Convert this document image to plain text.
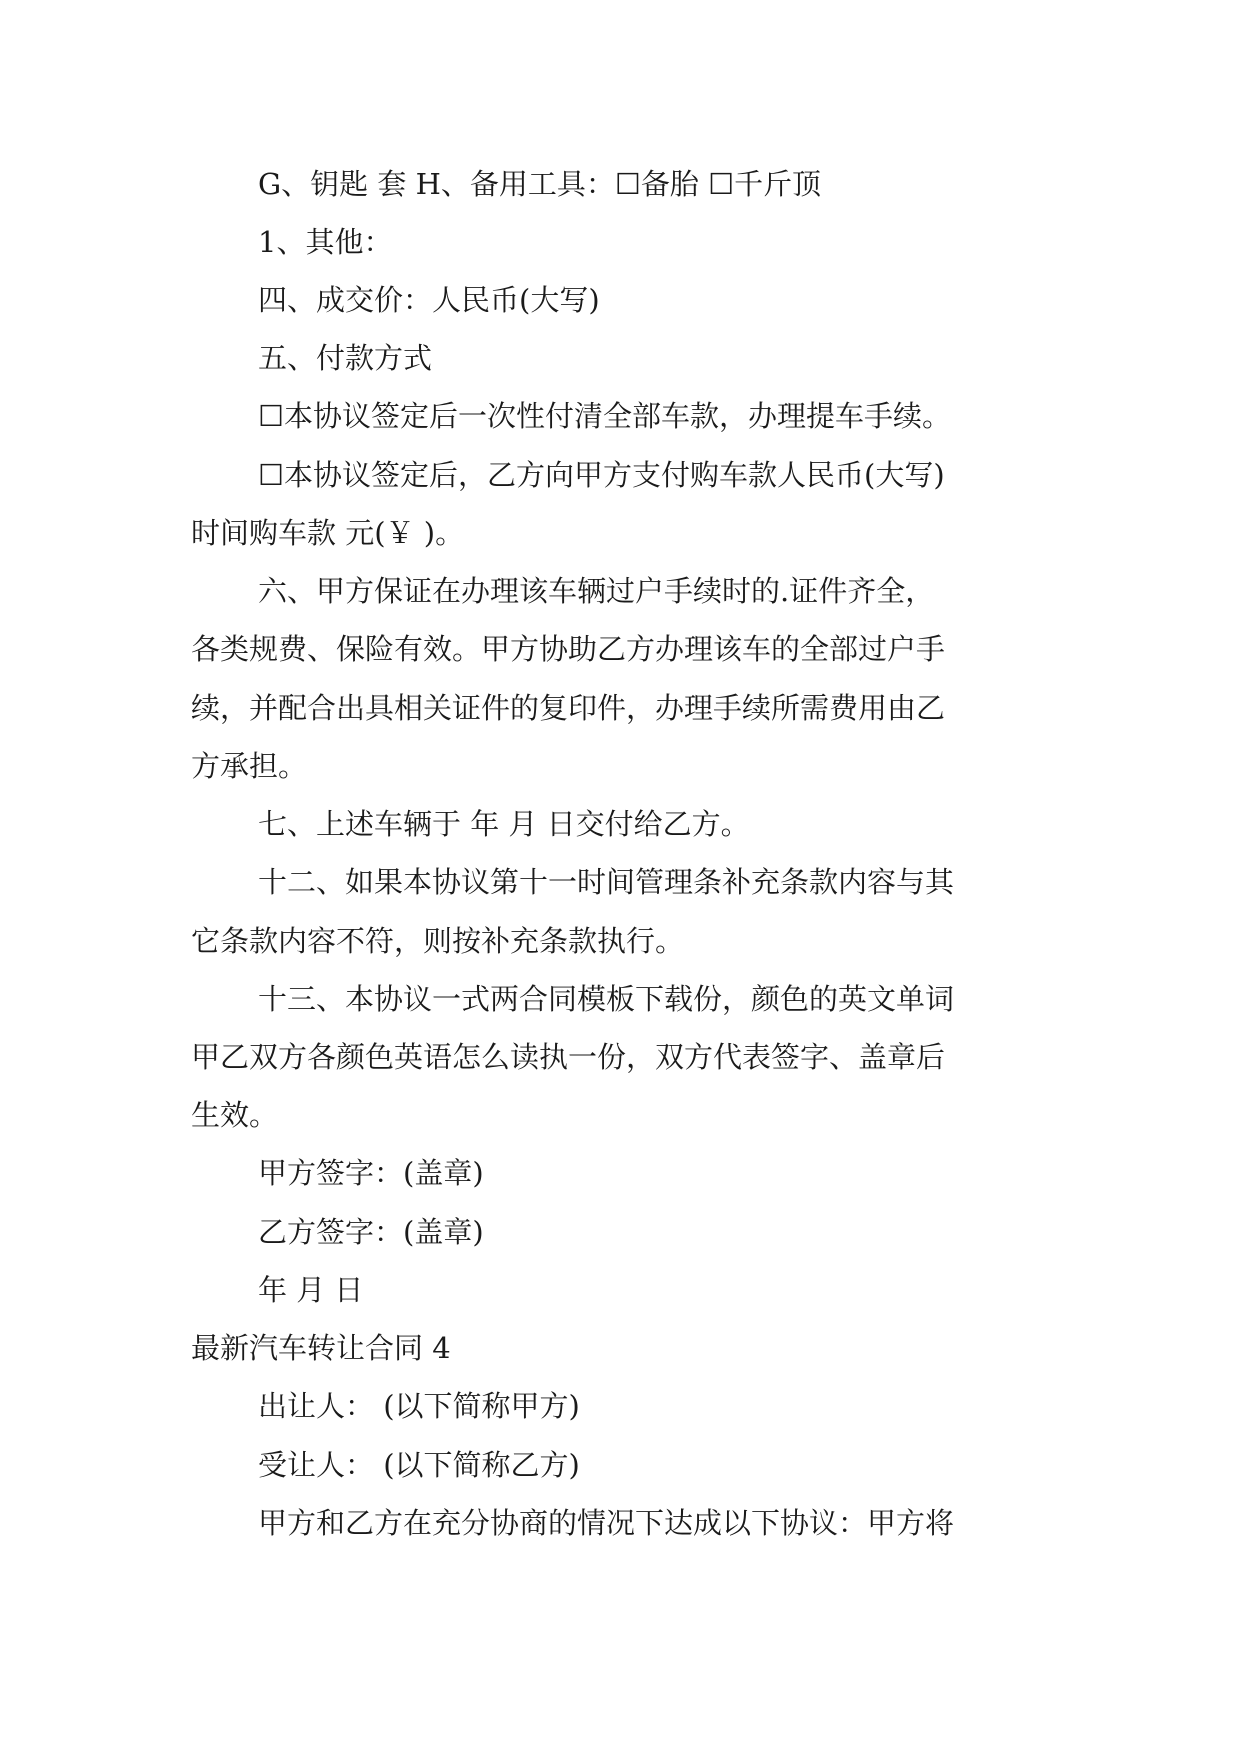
G、钥匙 套 H、备用工具：☐备胎 ☐千斤顶
1、其他：
四、成交价：人民币(大写)
五、付款方式
☐本协议签定后一次性付清全部车款，办理提车手续。
☐本协议签定后，乙方向甲方支付购车款人民币(大写)
时间购车款 元(￥ )。
六、甲方保证在办理该车辆过户手续时的.证件齐全，
各类规费、保险有效。甲方协助乙方办理该车的全部过户手
续，并配合出具相关证件的复印件，办理手续所需费用由乙
方承担。
七、上述车辆于 年 月 日交付给乙方。
十二、如果本协议第十一时间管理条补充条款内容与其
它条款内容不符，则按补充条款执行。
十三、本协议一式两合同模板下载份，颜色的英文单词
甲乙双方各颜色英语怎么读执一份，双方代表签字、盖章后
生效。
甲方签字：(盖章)
乙方签字：(盖章)
年 月 日
最新汽车转让合同 4
出让人： (以下简称甲方)
受让人： (以下简称乙方)
甲方和乙方在充分协商的情况下达成以下协议：甲方将
